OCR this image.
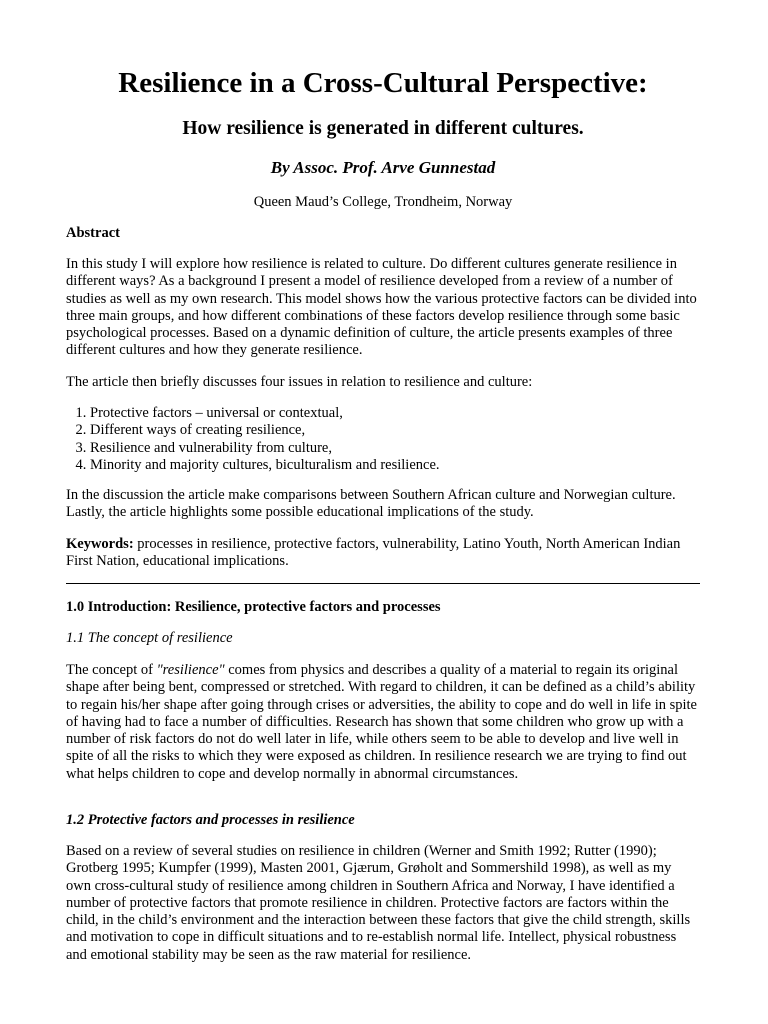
Resilience in a Cross-Cultural Perspective:
How resilience is generated in different cultures.
By Assoc. Prof. Arve Gunnestad
Queen Maud’s College, Trondheim, Norway
Abstract
In this study I will explore how resilience is related to culture. Do different cultures generate resilience in different ways? As a background I present a model of resilience developed from a review of a number of studies as well as my own research. This model shows how the various protective factors can be divided into three main groups, and how different combinations of these factors develop resilience through some basic psychological processes. Based on a dynamic definition of culture, the article presents examples of three different cultures and how they generate resilience.
The article then briefly discusses four issues in relation to resilience and culture:
1. Protective factors – universal or contextual,
2. Different ways of creating resilience,
3. Resilience and vulnerability from culture,
4. Minority and majority cultures, biculturalism and resilience.
In the discussion the article make comparisons between Southern African culture and Norwegian culture. Lastly, the article highlights some possible educational implications of the study.
Keywords: processes in resilience, protective factors, vulnerability, Latino Youth, North American Indian First Nation, educational implications.
1.0 Introduction: Resilience, protective factors and processes
1.1 The concept of resilience
The concept of "resilience" comes from physics and describes a quality of a material to regain its original shape after being bent, compressed or stretched. With regard to children, it can be defined as a child’s ability to regain his/her shape after going through crises or adversities, the ability to cope and do well in life in spite of having had to face a number of difficulties. Research has shown that some children who grow up with a number of risk factors do not do well later in life, while others seem to be able to develop and live well in spite of all the risks to which they were exposed as children. In resilience research we are trying to find out what helps children to cope and develop normally in abnormal circumstances.
1.2 Protective factors and processes in resilience
Based on a review of several studies on resilience in children (Werner and Smith 1992; Rutter (1990); Grotberg 1995; Kumpfer (1999), Masten 2001, Gjærum, Grøholt and Sommershild 1998), as well as my own cross-cultural study of resilience among children in Southern Africa and Norway, I have identified a number of protective factors that promote resilience in children. Protective factors are factors within the child, in the child’s environment and the interaction between these factors that give the child strength, skills and motivation to cope in difficult situations and to re-establish normal life. Intellect, physical robustness and emotional stability may be seen as the raw material for resilience.
